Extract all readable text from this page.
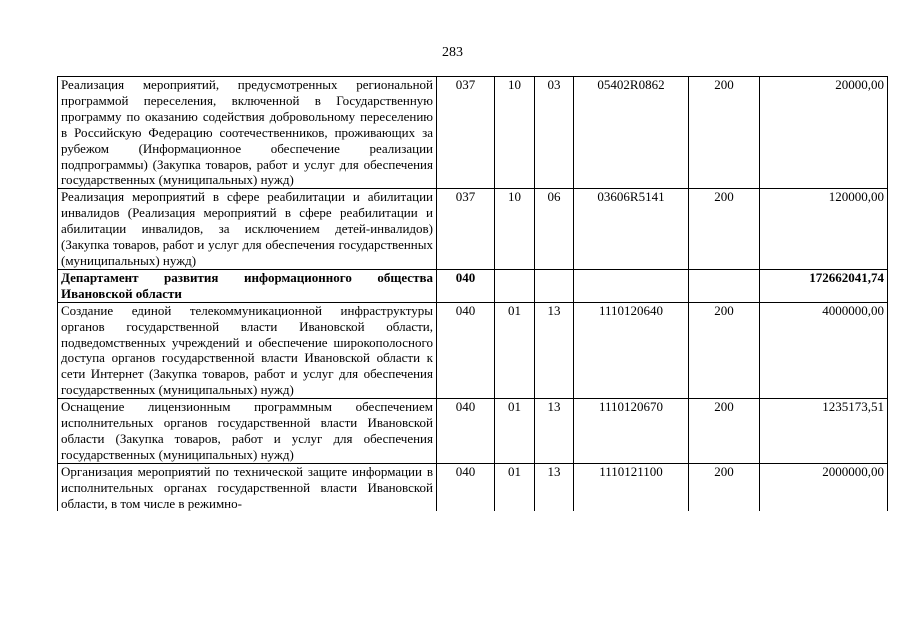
283
Реализация мероприятий, предусмотренных региональной программой переселения, включенной в Государственную программу по оказанию содействия добровольному переселению в Российскую Федерацию соотечественников, проживающих за рубежом (Информационное обеспечение реализации подпрограммы) (Закупка товаров, работ и услуг для обеспечения государственных (муниципальных) нужд)	037	10	03	05402R0862	200	20000,00
Реализация мероприятий в сфере реабилитации и абилитации инвалидов (Реализация мероприятий в сфере реабилитации и абилитации инвалидов, за исключением детей-инвалидов) (Закупка товаров, работ и услуг для обеспечения государственных (муниципальных) нужд)	037	10	06	03606R5141	200	120000,00
Департамент развития информационного общества Ивановской области	040					172662041,74
Создание единой телекоммуникационной инфраструктуры органов государственной власти Ивановской области, подведомственных учреждений и обеспечение широкополосного доступа органов государственной власти Ивановской области к сети Интернет (Закупка товаров, работ и услуг для обеспечения государственных (муниципальных) нужд)	040	01	13	1110120640	200	4000000,00
Оснащение лицензионным программным обеспечением исполнительных органов государственной власти Ивановской области (Закупка товаров, работ и услуг для обеспечения государственных (муниципальных) нужд)	040	01	13	1110120670	200	1235173,51
Организация мероприятий по технической защите информации в исполнительных органах государственной власти Ивановской области, в том числе в режимно-	040	01	13	1110121100	200	2000000,00
